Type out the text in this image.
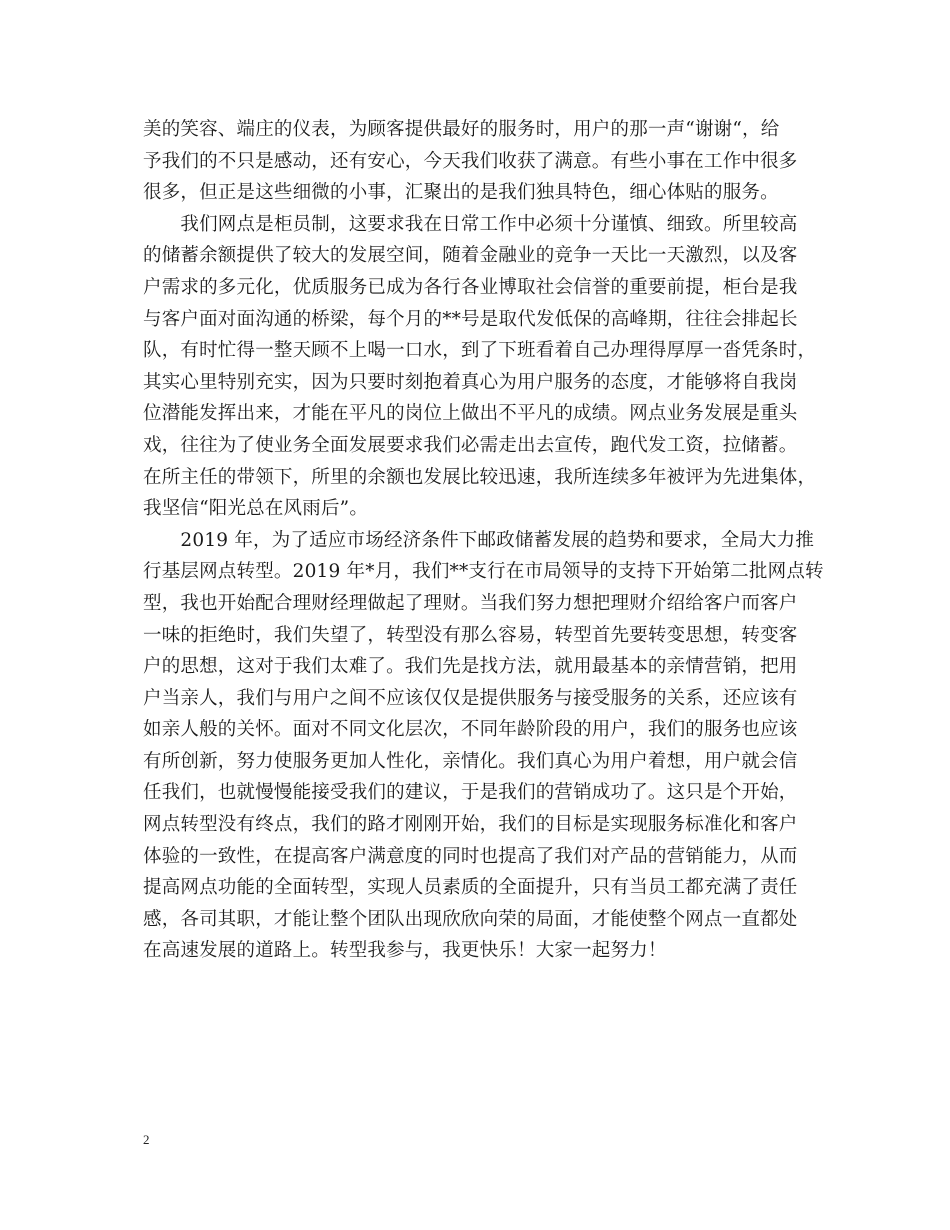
美的笑容、端庄的仪表，为顾客提供最好的服务时，用户的那一声“谢谢“，给
予我们的不只是感动，还有安心，今天我们收获了满意。有些小事在工作中很多
很多，但正是这些细微的小事，汇聚出的是我们独具特色，细心体贴的服务。
　　我们网点是柜员制，这要求我在日常工作中必须十分谨慎、细致。所里较高
的储蓄余额提供了较大的发展空间，随着金融业的竞争一天比一天激烈，以及客
户需求的多元化，优质服务已成为各行各业博取社会信誉的重要前提，柜台是我
与客户面对面沟通的桥梁，每个月的**号是取代发低保的高峰期，往往会排起长
队，有时忙得一整天顾不上喝一口水，到了下班看着自己办理得厚厚一沓凭条时，
其实心里特别充实，因为只要时刻抱着真心为用户服务的态度，才能够将自我岗
位潜能发挥出来，才能在平凡的岗位上做出不平凡的成绩。网点业务发展是重头
戏，往往为了使业务全面发展要求我们必需走出去宣传，跑代发工资，拉储蓄。
在所主任的带领下，所里的余额也发展比较迅速，我所连续多年被评为先进集体，
我坚信“阳光总在风雨后”。
　　2019 年，为了适应市场经济条件下邮政储蓄发展的趋势和要求，全局大力推
行基层网点转型。2019 年*月，我们**支行在市局领导的支持下开始第二批网点转
型，我也开始配合理财经理做起了理财。当我们努力想把理财介绍给客户而客户
一味的拒绝时，我们失望了，转型没有那么容易，转型首先要转变思想，转变客
户的思想，这对于我们太难了。我们先是找方法，就用最基本的亲情营销，把用
户当亲人，我们与用户之间不应该仅仅是提供服务与接受服务的关系，还应该有
如亲人般的关怀。面对不同文化层次，不同年龄阶段的用户，我们的服务也应该
有所创新，努力使服务更加人性化，亲情化。我们真心为用户着想，用户就会信
任我们，也就慢慢能接受我们的建议，于是我们的营销成功了。这只是个开始，
网点转型没有终点，我们的路才刚刚开始，我们的目标是实现服务标准化和客户
体验的一致性，在提高客户满意度的同时也提高了我们对产品的营销能力，从而
提高网点功能的全面转型，实现人员素质的全面提升，只有当员工都充满了责任
感，各司其职，才能让整个团队出现欣欣向荣的局面，才能使整个网点一直都处
在高速发展的道路上。转型我参与，我更快乐！大家一起努力！
2
